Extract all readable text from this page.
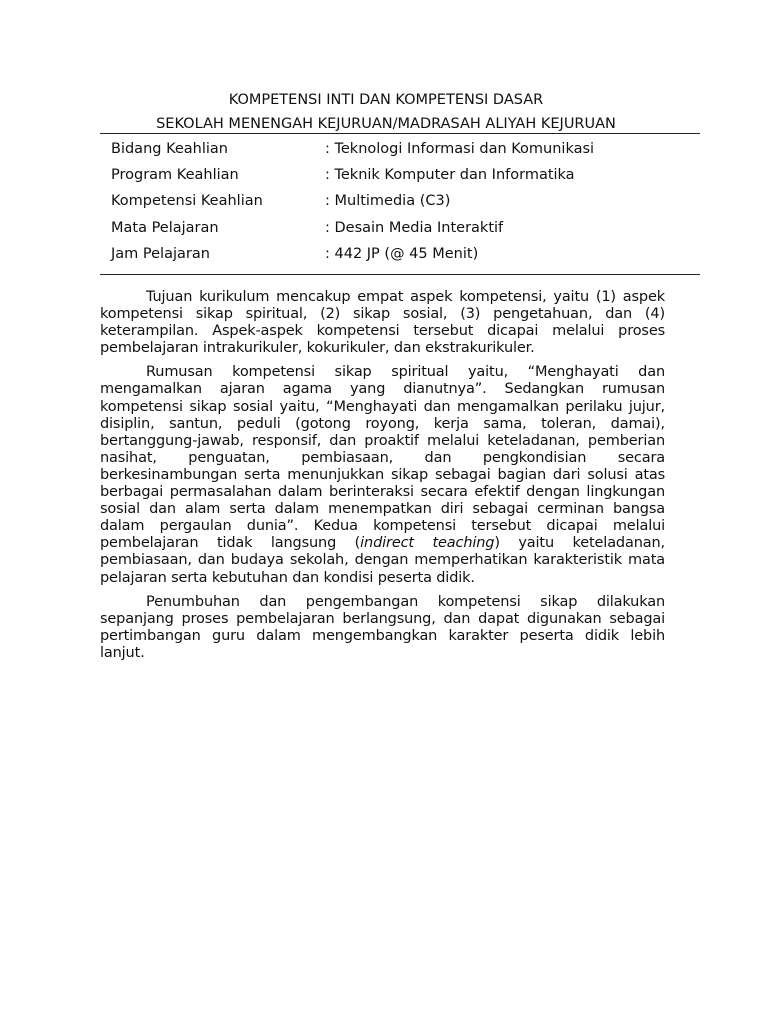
KOMPETENSI INTI DAN KOMPETENSI DASAR
SEKOLAH MENENGAH KEJURUAN/MADRASAH ALIYAH KEJURUAN
Bidang Keahlian	: Teknologi Informasi dan Komunikasi
Program Keahlian	: Teknik Komputer dan Informatika
Kompetensi Keahlian	: Multimedia (C3)
Mata Pelajaran	: Desain Media Interaktif
Jam Pelajaran	: 442 JP (@ 45 Menit)

Tujuan kurikulum mencakup empat aspek kompetensi, yaitu (1) aspek kompetensi sikap spiritual, (2) sikap sosial, (3) pengetahuan, dan (4) keterampilan. Aspek-aspek kompetensi tersebut dicapai melalui proses pembelajaran intrakurikuler, kokurikuler, dan ekstrakurikuler.

Rumusan kompetensi sikap spiritual yaitu, “Menghayati dan mengamalkan ajaran agama yang dianutnya”. Sedangkan rumusan kompetensi sikap sosial yaitu, “Menghayati dan mengamalkan perilaku jujur, disiplin, santun, peduli (gotong royong, kerja sama, toleran, damai), bertanggung-jawab, responsif, dan proaktif melalui keteladanan, pemberian nasihat, penguatan, pembiasaan, dan pengkondisian secara berkesinambungan serta menunjukkan sikap sebagai bagian dari solusi atas berbagai permasalahan dalam berinteraksi secara efektif dengan lingkungan sosial dan alam serta dalam menempatkan diri sebagai cerminan bangsa dalam pergaulan dunia”. Kedua kompetensi tersebut dicapai melalui pembelajaran tidak langsung (indirect teaching) yaitu keteladanan, pembiasaan, dan budaya sekolah, dengan memperhatikan karakteristik mata pelajaran serta kebutuhan dan kondisi peserta didik.

Penumbuhan dan pengembangan kompetensi sikap dilakukan sepanjang proses pembelajaran berlangsung, dan dapat digunakan sebagai pertimbangan guru dalam mengembangkan karakter peserta didik lebih lanjut.
